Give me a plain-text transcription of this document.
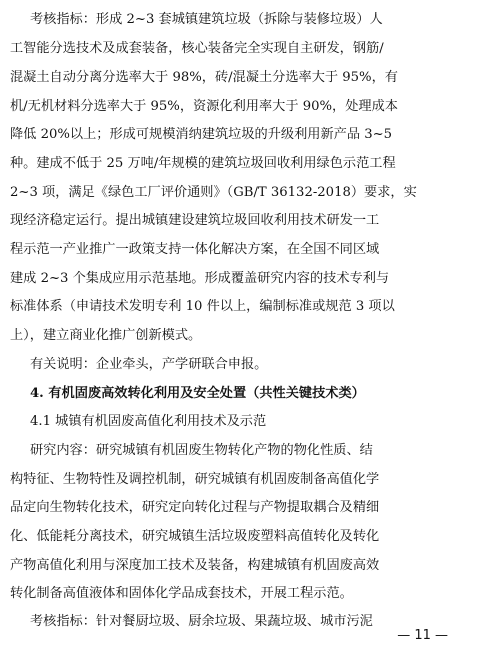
考核指标：形成 2~3 套城镇建筑垃圾（拆除与装修垃圾）人
工智能分选技术及成套装备，核心装备完全实现自主研发，钢筋/
混凝土自动分离分选率大于 98%，砖/混凝土分选率大于 95%，有
机/无机材料分选率大于 95%，资源化利用率大于 90%，处理成本
降低 20%以上；形成可规模消纳建筑垃圾的升级利用新产品 3~5
种。建成不低于 25 万吨/年规模的建筑垃圾回收利用绿色示范工程
2~3 项，满足《绿色工厂评价通则》（GB/T 36132-2018）要求，实
现经济稳定运行。提出城镇建设建筑垃圾回收利用技术研发一工
程示范一产业推广一政策支持一体化解决方案，在全国不同区域
建成 2~3 个集成应用示范基地。形成覆盖研究内容的技术专利与
标准体系（申请技术发明专利 10 件以上，编制标准或规范 3 项以
上），建立商业化推广创新模式。
有关说明：企业牵头，产学研联合申报。
4. 有机固废高效转化利用及安全处置（共性关键技术类）
4.1 城镇有机固废高值化利用技术及示范
研究内容：研究城镇有机固废生物转化产物的物化性质、结
构特征、生物特性及调控机制，研究城镇有机固废制备高值化学
品定向生物转化技术，研究定向转化过程与产物提取耦合及精细
化、低能耗分离技术，研究城镇生活垃圾废塑料高值转化及转化
产物高值化利用与深度加工技术及装备，构建城镇有机固废高效
转化制备高值液体和固体化学品成套技术，开展工程示范。
考核指标：针对餐厨垃圾、厨余垃圾、果蔬垃圾、城市污泥
— 11 —
